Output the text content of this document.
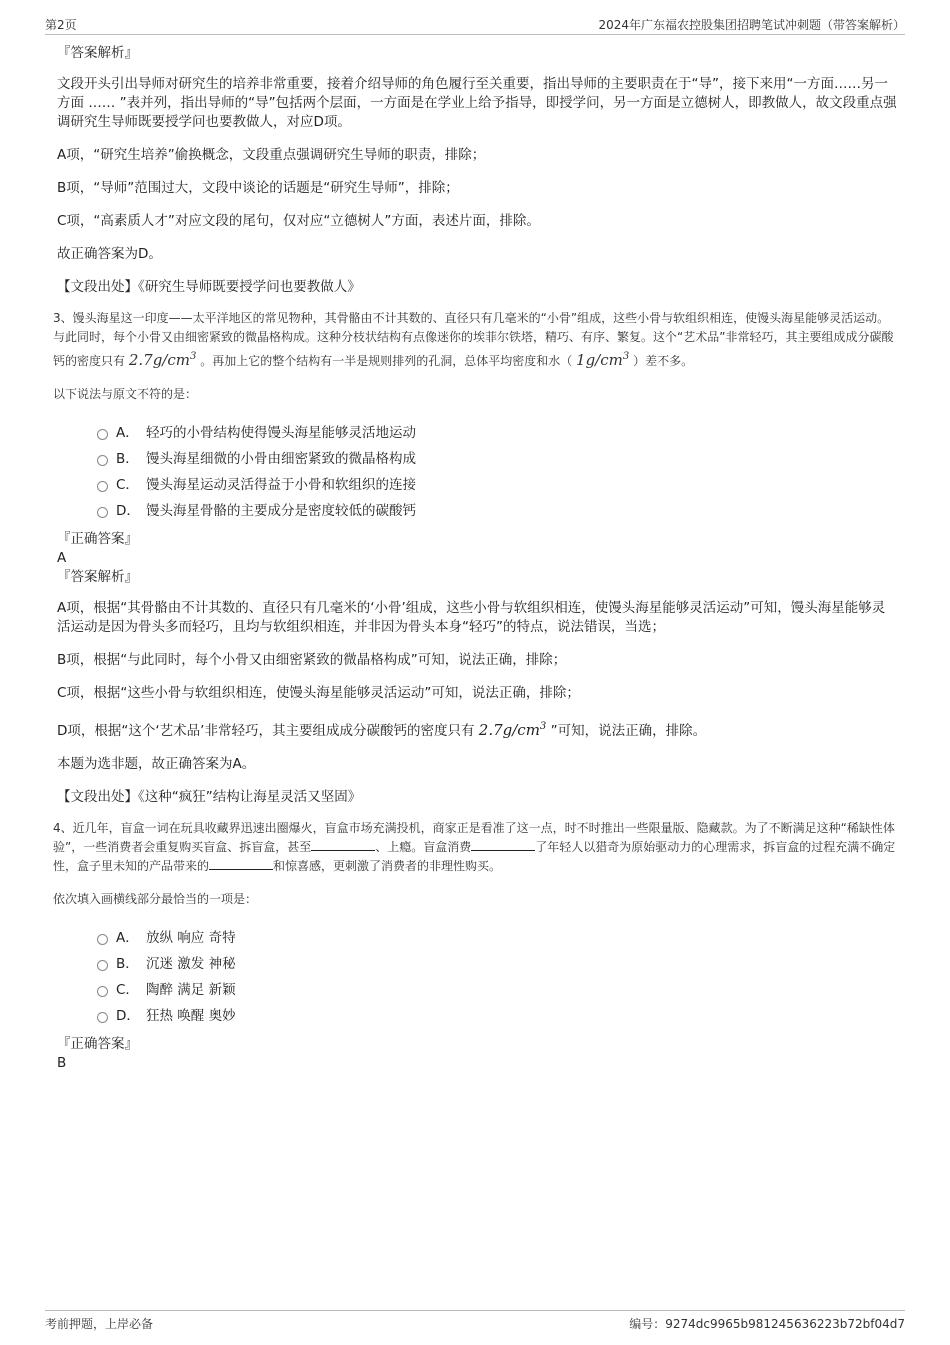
第2页	2024年广东福农控股集团招聘笔试冲刺题（带答案解析）
『答案解析』
文段开头引出导师对研究生的培养非常重要，接着介绍导师的角色履行至关重要，指出导师的主要职责在于“导”，接下来用“一方面……另一方面 …… ”表并列，指出导师的“导”包括两个层面，一方面是在学业上给予指导，即授学问，另一方面是立德树人，即教做人，故文段重点强调研究生导师既要授学问也要教做人，对应D项。
A项，“研究生培养”偷换概念，文段重点强调研究生导师的职责，排除；
B项，“导师”范围过大，文段中谈论的话题是“研究生导师”，排除；
C项，“高素质人才”对应文段的尾句，仅对应“立德树人”方面，表述片面，排除。
故正确答案为D。
【文段出处】《研究生导师既要授学问也要教做人》
3、馒头海星这一印度——太平洋地区的常见物种，其骨骼由不计其数的、直径只有几毫米的“小骨”组成，这些小骨与软组织相连，使馒头海星能够灵活运动。与此同时，每个小骨又由细密紧致的微晶格构成。这种分枝状结构有点像迷你的埃菲尔铁塔，精巧、有序、繁复。这个“艺术品”非常轻巧，其主要组成成分碳酸钙的密度只有 $2.7g/cm^3$ 。再加上它的整个结构有一半是规则排列的孔洞，总体平均密度和水（ $1g/cm^3$ ）差不多。
以下说法与原文不符的是：
A． 轻巧的小骨结构使得馒头海星能够灵活地运动
B． 馒头海星细微的小骨由细密紧致的微晶格构成
C． 馒头海星运动灵活得益于小骨和软组织的连接
D． 馒头海星骨骼的主要成分是密度较低的碳酸钙
『正确答案』
A
『答案解析』
A项，根据“其骨骼由不计其数的、直径只有几毫米的‘小骨’组成，这些小骨与软组织相连，使馒头海星能够灵活运动”可知，馒头海星能够灵活运动是因为骨头多而轻巧，且均与软组织相连，并非因为骨头本身“轻巧”的特点，说法错误，当选；
B项，根据“与此同时，每个小骨又由细密紧致的微晶格构成”可知，说法正确，排除；
C项，根据“这些小骨与软组织相连，使馒头海星能够灵活运动”可知，说法正确，排除；
D项，根据“这个‘艺术品’非常轻巧，其主要组成成分碳酸钙的密度只有 $2.7g/cm^3$ ”可知，说法正确，排除。
本题为选非题，故正确答案为A。
【文段出处】《这种“疯狂”结构让海星灵活又坚固》
4、近几年，盲盒一词在玩具收藏界迅速出圈爆火，盲盒市场充满投机，商家正是看准了这一点，时不时推出一些限量版、隐藏款。为了不断满足这种“稀缺性体验”，一些消费者会重复购买盲盒、拆盲盒，甚至	、上瘾。盲盒消费	了年轻人以猎奇为原始驱动力的心理需求，拆盲盒的过程充满不确定性，盒子里未知的产品带来的	和惊喜感，更刺激了消费者的非理性购买。
依次填入画横线部分最恰当的一项是：
A． 放纵 响应 奇特
B． 沉迷 激发 神秘
C． 陶醉 满足 新颖
D． 狂热 唤醒 奥妙
『正确答案』
B
考前押题，上岸必备	编号：9274dc9965b981245636223b72bf04d7
